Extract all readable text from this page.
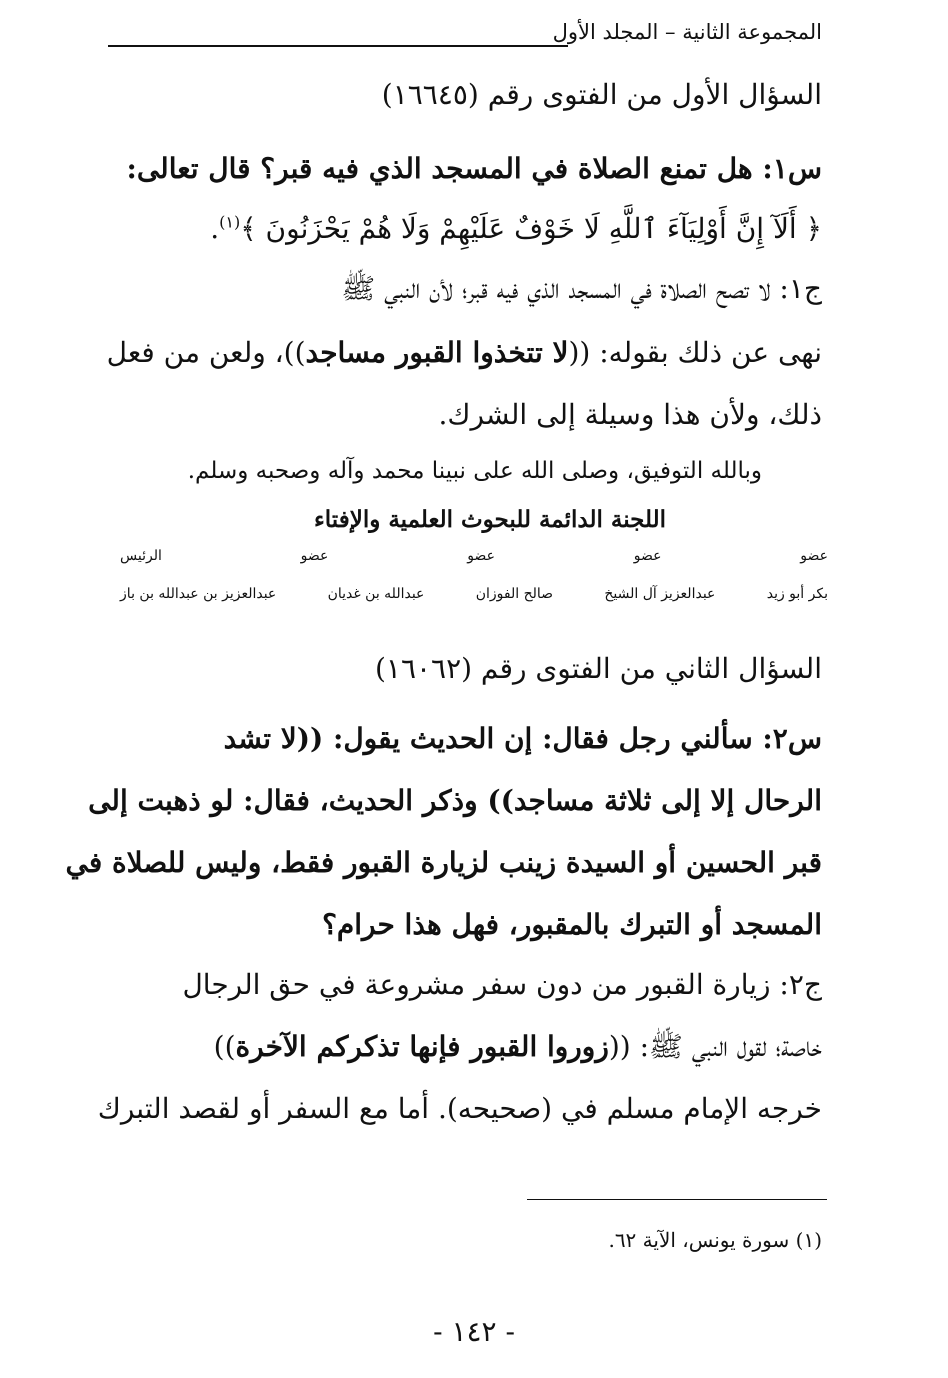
المجموعة الثانية – المجلد الأول
السؤال الأول من الفتوى رقم (١٦٦٤٥)
س١: هل تمنع الصلاة في المسجد الذي فيه قبر؟ قال تعالى:
﴿ أَلَآ إِنَّ أَوْلِيَآءَ ٱللَّهِ لَا خَوْفٌ عَلَيْهِمْ وَلَا هُمْ يَحْزَنُونَ ﴾$^{(١)}$.
ج١: لا تصح الصلاة في المسجد الذي فيه قبر؛ لأن النبي ﷺ
نهى عن ذلك بقوله: ((لا تتخذوا القبور مساجد))، ولعن من فعل
ذلك، ولأن هذا وسيلة إلى الشرك.
وبالله التوفيق، وصلى الله على نبينا محمد وآله وصحبه وسلم.
اللجنة الدائمة للبحوث العلمية والإفتاء
عضو
عضو
عضو
عضو
الرئيس
بكر أبو زيد
عبدالعزيز آل الشيخ
صالح الفوزان
عبدالله بن غديان
عبدالعزيز بن عبدالله بن باز
السؤال الثاني من الفتوى رقم (١٦٠٦٢)
س٢: سألني رجل فقال: إن الحديث يقول: ((لا تشد
الرحال إلا إلى ثلاثة مساجد)) وذكر الحديث، فقال: لو ذهبت إلى
قبر الحسين أو السيدة زينب لزيارة القبور فقط، وليس للصلاة في
المسجد أو التبرك بالمقبور، فهل هذا حرام؟
ج٢: زيارة القبور من دون سفر مشروعة في حق الرجال
خاصة؛ لقول النبي ﷺ: ((زوروا القبور فإنها تذكركم الآخرة))
خرجه الإمام مسلم في (صحيحه). أما مع السفر أو لقصد التبرك
(١) سورة يونس، الآية ٦٢.
- ١٤٢ -
